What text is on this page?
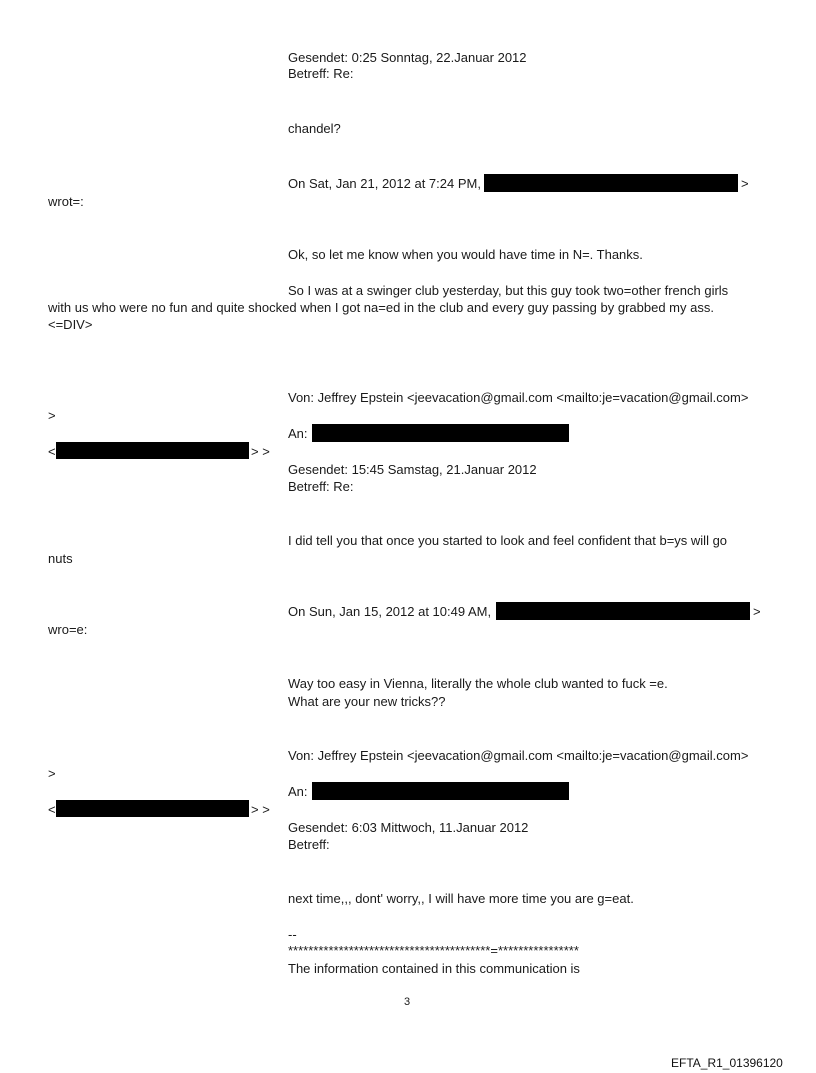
Gesendet: 0:25 Sonntag, 22.Januar 2012
Betreff: Re:
chandel?
On Sat, Jan 21, 2012 at 7:24 PM,	>
wrot=:
Ok, so let me know when you would have time in N=. Thanks.
So I was at a swinger club yesterday, but this guy took two=other french girls
with us who were no fun and quite shocked when I got na=ed in the club and every guy passing by grabbed my ass.
<=DIV>
Von: Jeffrey Epstein <jeevacation@gmail.com <mailto:je=vacation@gmail.com>
>
An:
<	> >
Gesendet: 15:45 Samstag, 21.Januar 2012
Betreff: Re:
I did tell you that once you started to look and feel confident that b=ys will go
nuts
On Sun, Jan 15, 2012 at 10:49 AM,	>
wro=e:
Way too easy in Vienna, literally the whole club wanted to fuck =e.
What are your new tricks??
Von: Jeffrey Epstein <jeevacation@gmail.com <mailto:je=vacation@gmail.com>
>
An:
<	> >
Gesendet: 6:03 Mittwoch, 11.Januar 2012
Betreff:
next time,,, dont' worry,, I will have more time you are g=eat.
--
****************************************=****************
The information contained in this communication is
3
EFTA_R1_01396120
